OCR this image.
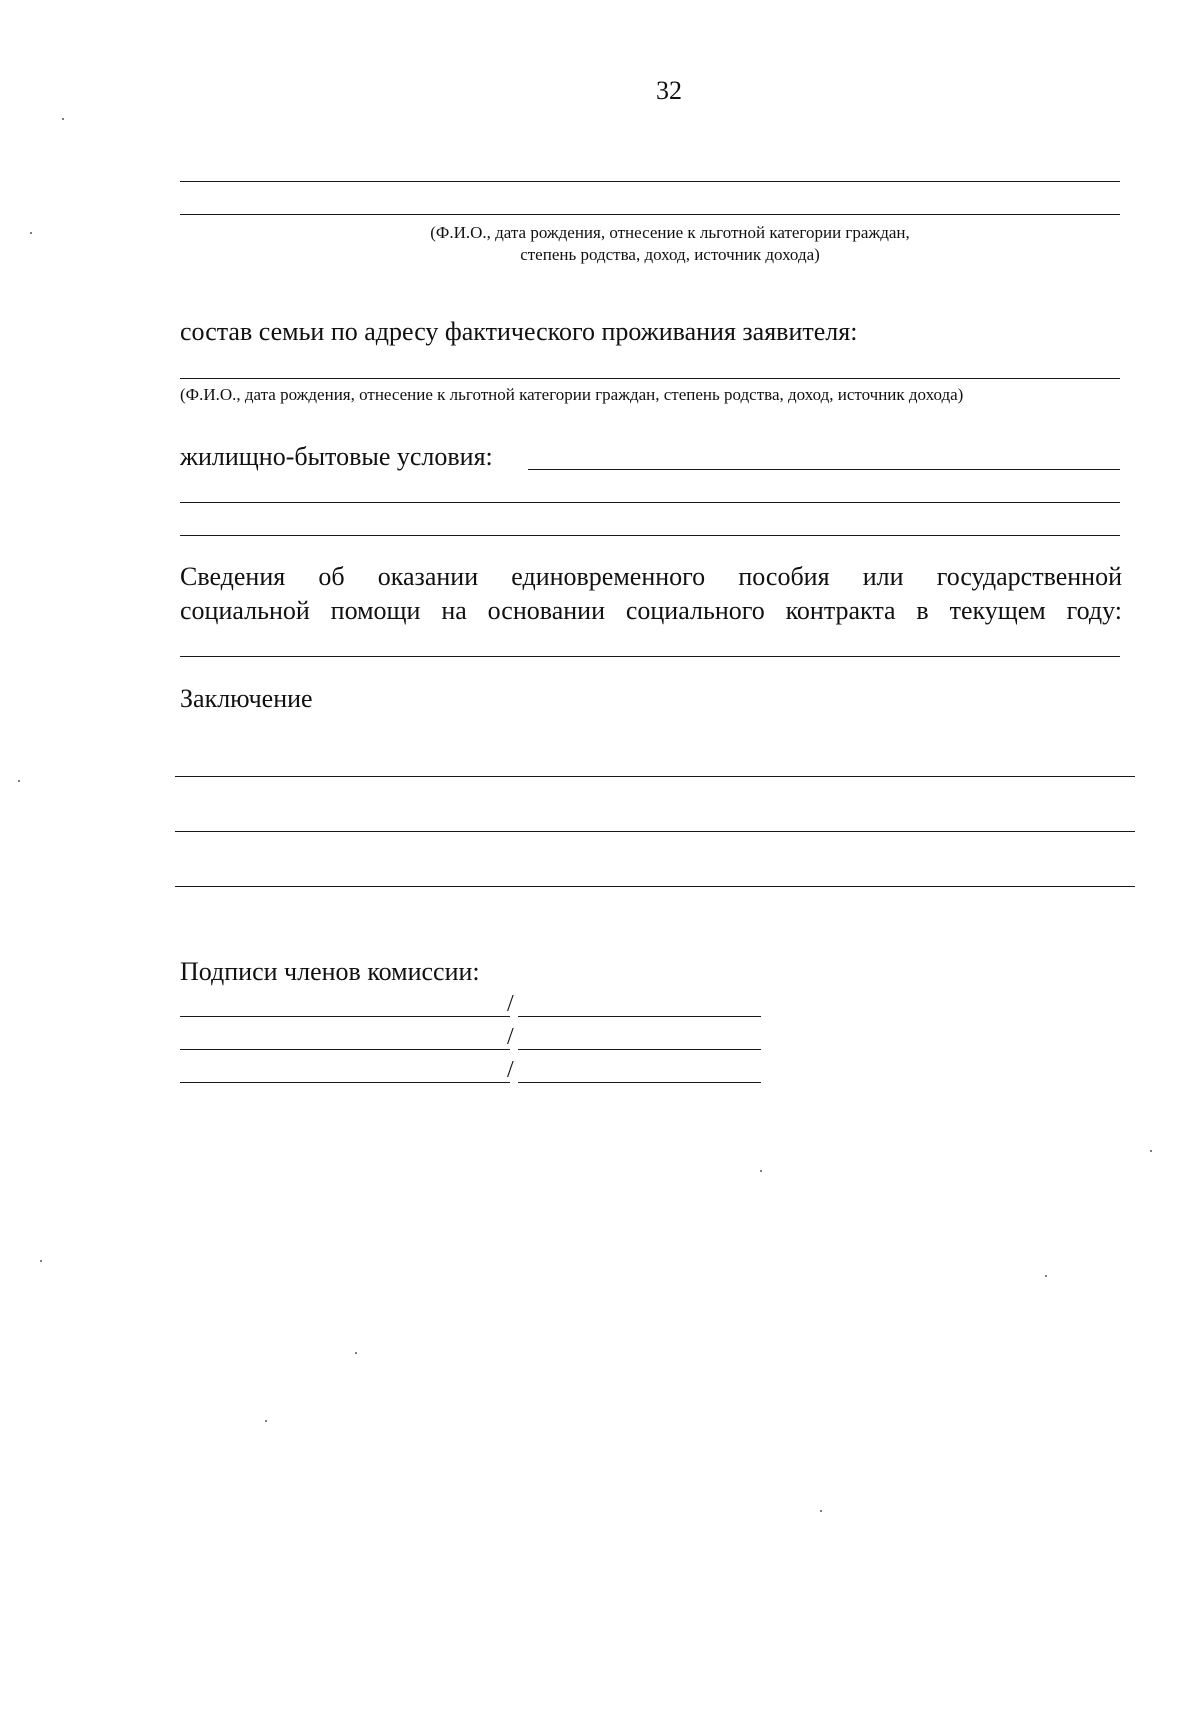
32
(Ф.И.О., дата рождения, отнесение к льготной категории граждан,
степень родства, доход, источник дохода)
состав семьи по адресу фактического проживания заявителя:
(Ф.И.О., дата рождения, отнесение к льготной категории граждан, степень родства, доход, источник дохода)
жилищно-бытовые условия:
Сведения об оказании единовременного пособия или государственной
социальной помощи на основании социального контракта в текущем году:
Заключение
Подписи членов комиссии:
/
/
/
